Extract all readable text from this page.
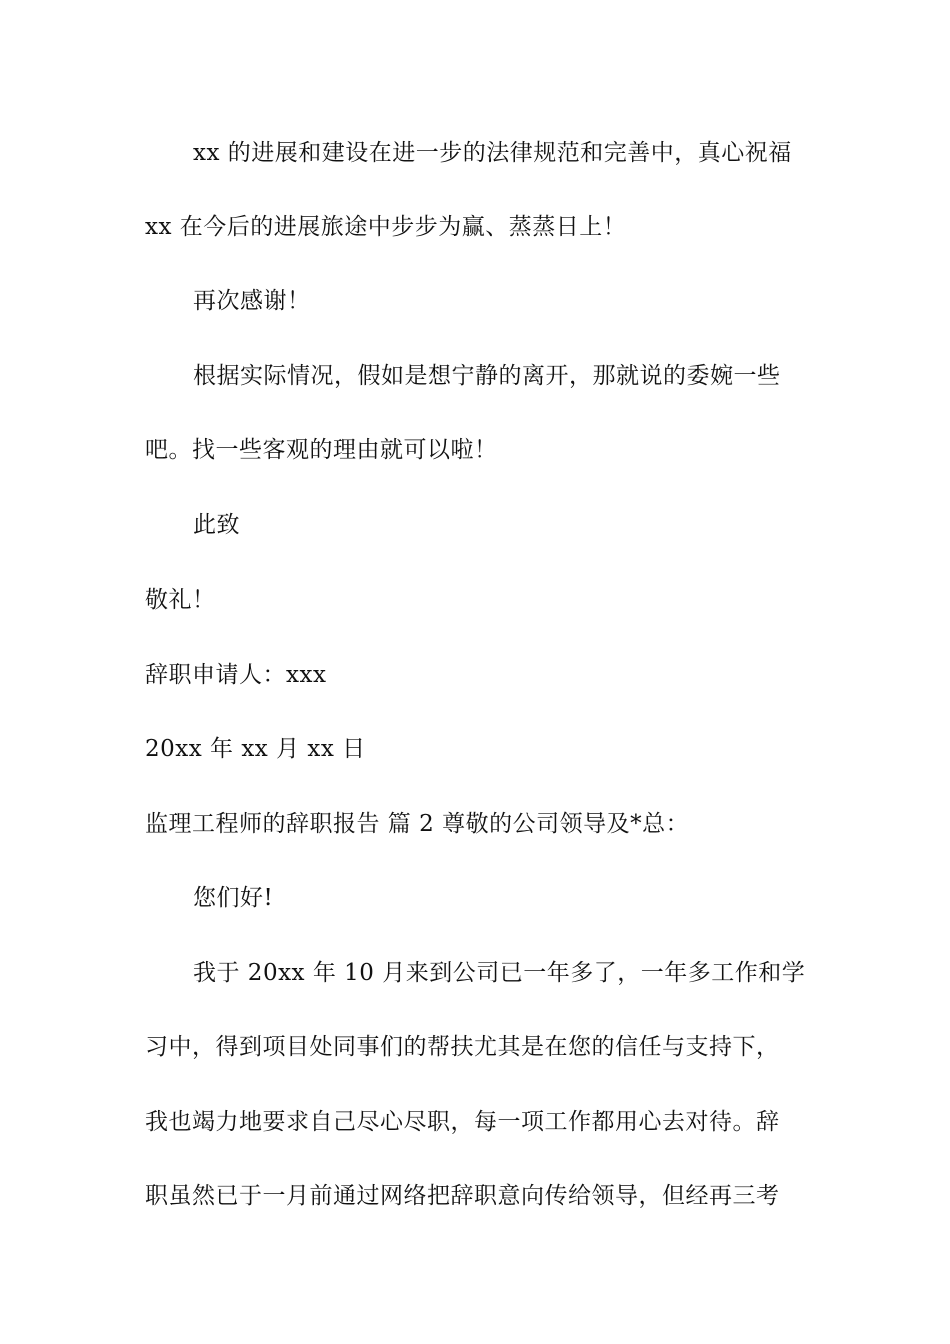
xx 的进展和建设在进一步的法律规范和完善中，真心祝福
xx 在今后的进展旅途中步步为赢、蒸蒸日上！
再次感谢！
根据实际情况，假如是想宁静的离开，那就说的委婉一些
吧。找一些客观的理由就可以啦！
此致
敬礼！
辞职申请人：xxx
20xx 年 xx 月 xx 日
监理工程师的辞职报告 篇 2 尊敬的公司领导及*总：
您们好!
我于 20xx 年 10 月来到公司已一年多了，一年多工作和学
习中，得到项目处同事们的帮扶尤其是在您的信任与支持下，
我也竭力地要求自己尽心尽职，每一项工作都用心去对待。辞
职虽然已于一月前通过网络把辞职意向传给领导，但经再三考
